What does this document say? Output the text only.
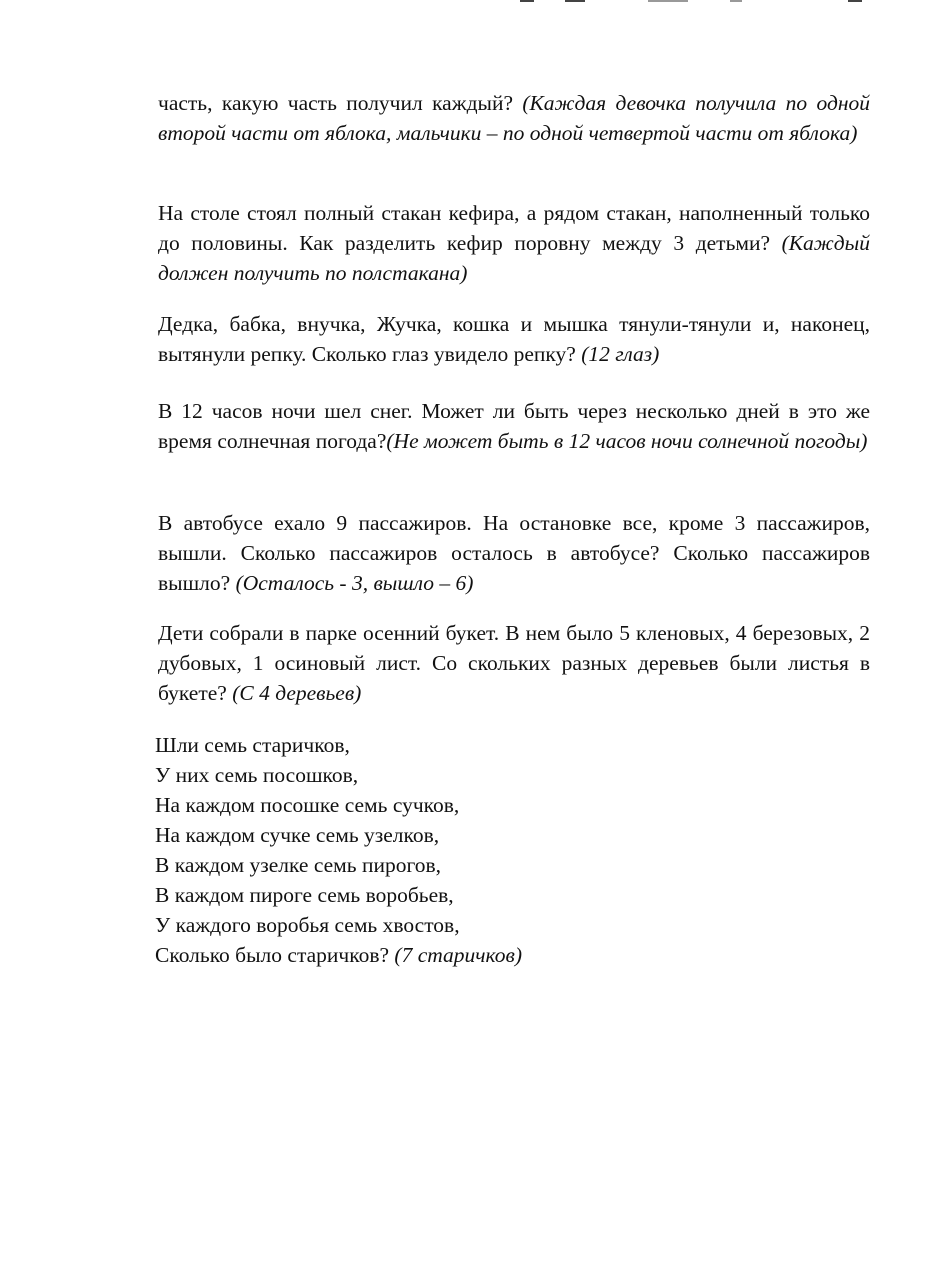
часть, какую часть получил каждый? (Каждая девочка получила по одной второй части от яблока, мальчики – по одной четвертой части от яблока)

На столе стоял полный стакан кефира, а рядом стакан, наполненный только до половины. Как разделить кефир поровну между 3 детьми? (Каждый должен получить по полстакана)

Дедка, бабка, внучка, Жучка, кошка и мышка тянули-тянули и, наконец, вытянули репку. Сколько глаз увидело репку? (12 глаз)

В 12 часов ночи шел снег. Может ли быть через несколько дней в это же время солнечная погода?(Не может быть в 12 часов ночи солнечной погоды)

В автобусе ехало 9 пассажиров. На остановке все, кроме 3 пассажиров, вышли. Сколько пассажиров осталось в автобусе? Сколько пассажиров вышло? (Осталось - 3, вышло – 6)

Дети собрали в парке осенний букет. В нем было 5 кленовых, 4 березовых, 2 дубовых, 1 осиновый лист. Со скольких разных деревьев были листья в букете? (С 4 деревьев)

Шли семь старичков,
У них семь посошков,
На каждом посошке семь сучков,
На каждом сучке семь узелков,
В каждом узелке семь пирогов,
В каждом пироге семь воробьев,
У каждого воробья семь хвостов,
Сколько было старичков? (7 старичков)
